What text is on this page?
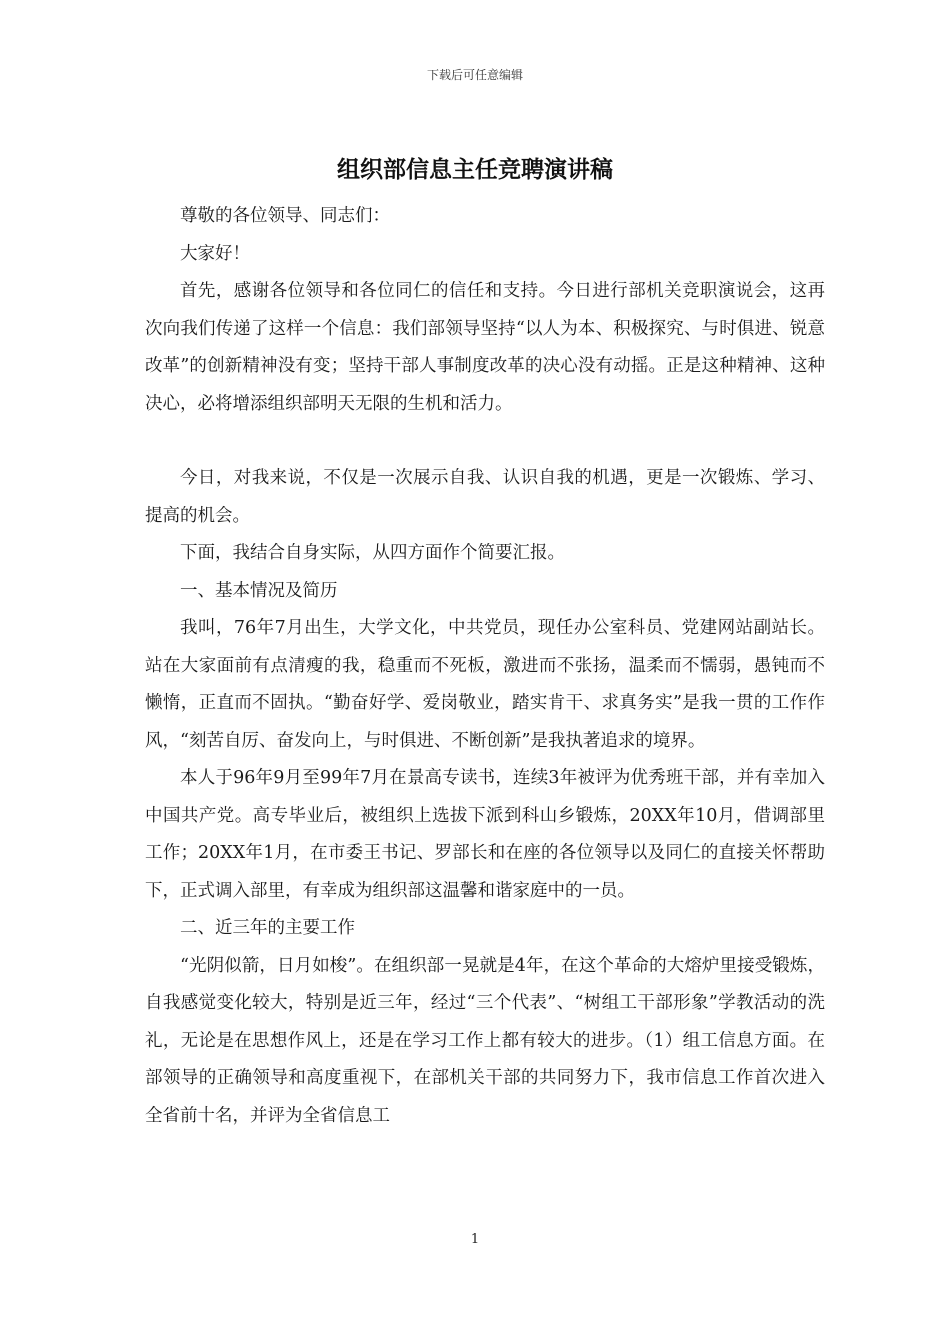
下载后可任意编辑
组织部信息主任竞聘演讲稿

尊敬的各位领导、同志们：

大家好！

首先，感谢各位领导和各位同仁的信任和支持。今日进行部机关竞职演说会，这再次向我们传递了这样一个信息：我们部领导坚持“以人为本、积极探究、与时俱进、锐意改革”的创新精神没有变；坚持干部人事制度改革的决心没有动摇。正是这种精神、这种决心，必将增添组织部明天无限的生机和活力。

今日，对我来说，不仅是一次展示自我、认识自我的机遇，更是一次锻炼、学习、提高的机会。

下面，我结合自身实际，从四方面作个简要汇报。

一、基本情况及简历

我叫，76年7月出生，大学文化，中共党员，现任办公室科员、党建网站副站长。站在大家面前有点清瘦的我，稳重而不死板，激进而不张扬，温柔而不懦弱，愚钝而不懒惰，正直而不固执。“勤奋好学、爱岗敬业，踏实肯干、求真务实”是我一贯的工作作风，“刻苦自厉、奋发向上，与时俱进、不断创新”是我执著追求的境界。

本人于96年9月至99年7月在景高专读书，连续3年被评为优秀班干部，并有幸加入中国共产党。高专毕业后，被组织上选拔下派到科山乡锻炼，20XX年10月，借调部里工作；20XX年1月，在市委王书记、罗部长和在座的各位领导以及同仁的直接关怀帮助下，正式调入部里，有幸成为组织部这温馨和谐家庭中的一员。

二、近三年的主要工作

“光阴似箭，日月如梭”。在组织部一晃就是4年，在这个革命的大熔炉里接受锻炼，自我感觉变化较大，特别是近三年，经过“三个代表”、“树组工干部形象”学教活动的洗礼，无论是在思想作风上，还是在学习工作上都有较大的进步。（1）组工信息方面。在部领导的正确领导和高度重视下，在部机关干部的共同努力下，我市信息工作首次进入全省前十名，并评为全省信息工

1
